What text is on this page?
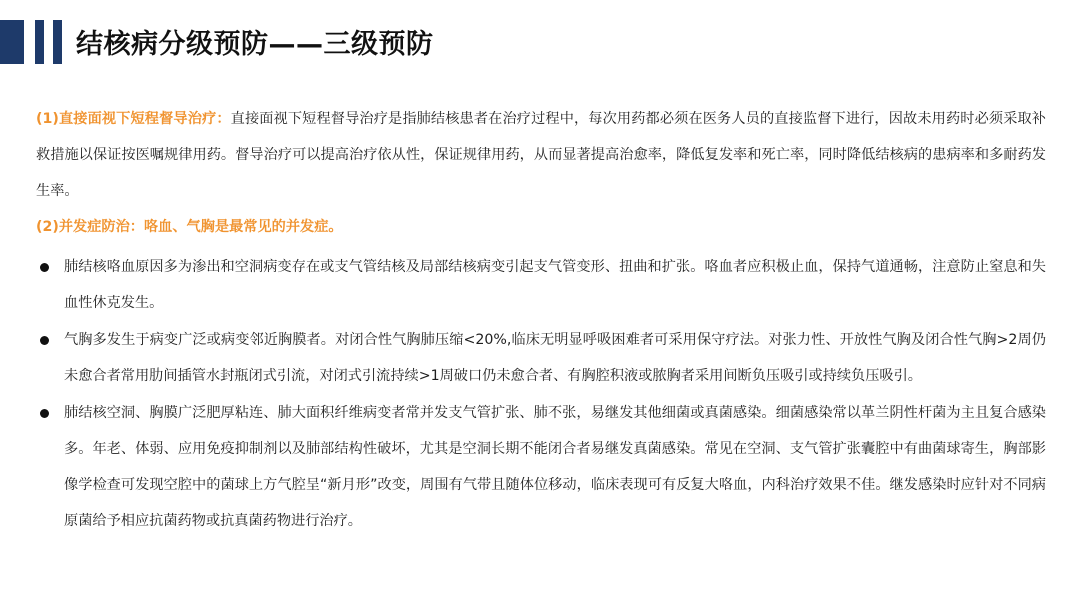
结核病分级预防——三级预防

(1)直接面视下短程督导治疗：直接面视下短程督导治疗是指肺结核患者在治疗过程中，每次用药都必须在医务人员的直接监督下进行，因故未用药时必须采取补救措施以保证按医嘱规律用药。督导治疗可以提高治疗依从性，保证规律用药，从而显著提高治愈率，降低复发率和死亡率，同时降低结核病的患病率和多耐药发生率。

(2)并发症防治：咯血、气胸是最常见的并发症。

肺结核咯血原因多为渗出和空洞病变存在或支气管结核及局部结核病变引起支气管变形、扭曲和扩张。咯血者应积极止血，保持气道通畅，注意防止窒息和失血性休克发生。
气胸多发生于病变广泛或病变邻近胸膜者。对闭合性气胸肺压缩<20%,临床无明显呼吸困难者可采用保守疗法。对张力性、开放性气胸及闭合性气胸>2周仍未愈合者常用肋间插管水封瓶闭式引流，对闭式引流持续>1周破口仍未愈合者、有胸腔积液或脓胸者采用间断负压吸引或持续负压吸引。
肺结核空洞、胸膜广泛肥厚粘连、肺大面积纤维病变者常并发支气管扩张、肺不张，易继发其他细菌或真菌感染。细菌感染常以革兰阴性杆菌为主且复合感染多。年老、体弱、应用免疫抑制剂以及肺部结构性破坏，尤其是空洞长期不能闭合者易继发真菌感染。常见在空洞、支气管扩张囊腔中有曲菌球寄生，胸部影像学检查可发现空腔中的菌球上方气腔呈“新月形”改变，周围有气带且随体位移动，临床表现可有反复大咯血，内科治疗效果不佳。继发感染时应针对不同病原菌给予相应抗菌药物或抗真菌药物进行治疗。
